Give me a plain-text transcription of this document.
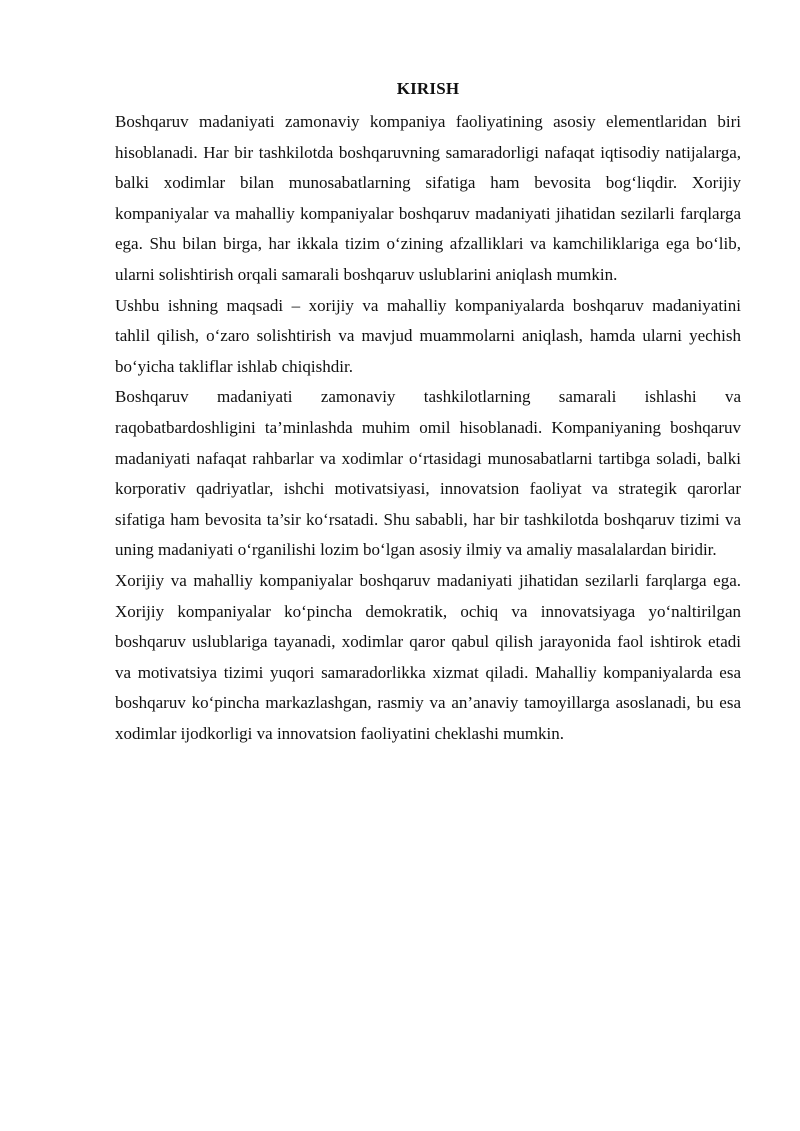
KIRISH

Boshqaruv madaniyati zamonaviy kompaniya faoliyatining asosiy elementlaridan biri hisoblanadi. Har bir tashkilotda boshqaruvning samaradorligi nafaqat iqtisodiy natijalarga, balki xodimlar bilan munosabatlarning sifatiga ham bevosita bog‘liqdir. Xorijiy kompaniyalar va mahalliy kompaniyalar boshqaruv madaniyati jihatidan sezilarli farqlarga ega. Shu bilan birga, har ikkala tizim o‘zining afzalliklari va kamchiliklariga ega bo‘lib, ularni solishtirish orqali samarali boshqaruv uslublarini aniqlash mumkin.

Ushbu ishning maqsadi – xorijiy va mahalliy kompaniyalarda boshqaruv madaniyatini tahlil qilish, o‘zaro solishtirish va mavjud muammolarni aniqlash, hamda ularni yechish bo‘yicha takliflar ishlab chiqishdir.

Boshqaruv madaniyati zamonaviy tashkilotlarning samarali ishlashi va raqobatbardoshligini ta’minlashda muhim omil hisoblanadi. Kompaniyaning boshqaruv madaniyati nafaqat rahbarlar va xodimlar o‘rtasidagi munosabatlarni tartibga soladi, balki korporativ qadriyatlar, ishchi motivatsiyasi, innovatsion faoliyat va strategik qarorlar sifatiga ham bevosita ta’sir ko‘rsatadi. Shu sababli, har bir tashkilotda boshqaruv tizimi va uning madaniyati o‘rganilishi lozim bo‘lgan asosiy ilmiy va amaliy masalalardan biridir.

Xorijiy va mahalliy kompaniyalar boshqaruv madaniyati jihatidan sezilarli farqlarga ega. Xorijiy kompaniyalar ko‘pincha demokratik, ochiq va innovatsiyaga yo‘naltirilgan boshqaruv uslublariga tayanadi, xodimlar qaror qabul qilish jarayonida faol ishtirok etadi va motivatsiya tizimi yuqori samaradorlikka xizmat qiladi. Mahalliy kompaniyalarda esa boshqaruv ko‘pincha markazlashgan, rasmiy va an’anaviy tamoyillarga asoslanadi, bu esa xodimlar ijodkorligi va innovatsion faoliyatini cheklashi mumkin.
